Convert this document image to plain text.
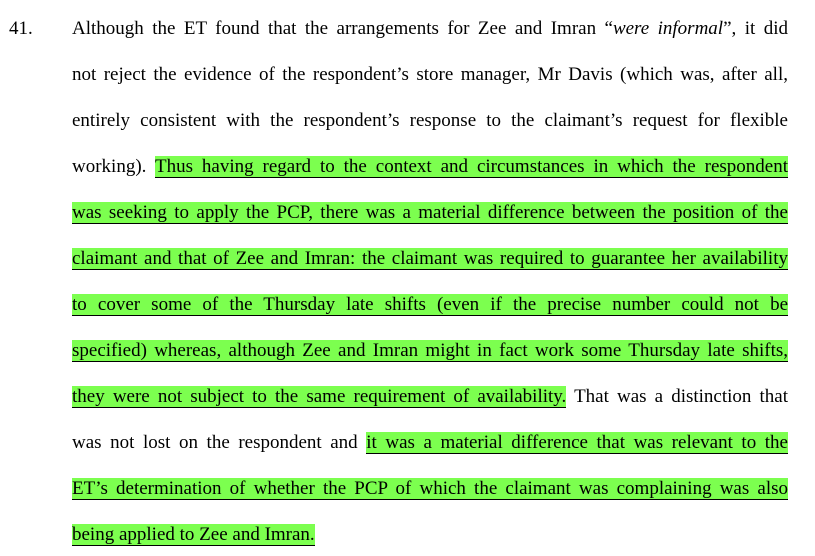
41. Although the ET found that the arrangements for Zee and Imran “were informal”, it did
not reject the evidence of the respondent’s store manager, Mr Davis (which was, after all,
entirely consistent with the respondent’s response to the claimant’s request for flexible
working). Thus having regard to the context and circumstances in which the respondent
was seeking to apply the PCP, there was a material difference between the position of the
claimant and that of Zee and Imran: the claimant was required to guarantee her availability
to cover some of the Thursday late shifts (even if the precise number could not be
specified) whereas, although Zee and Imran might in fact work some Thursday late shifts,
they were not subject to the same requirement of availability. That was a distinction that
was not lost on the respondent and it was a material difference that was relevant to the
ET’s determination of whether the PCP of which the claimant was complaining was also
being applied to Zee and Imran.
